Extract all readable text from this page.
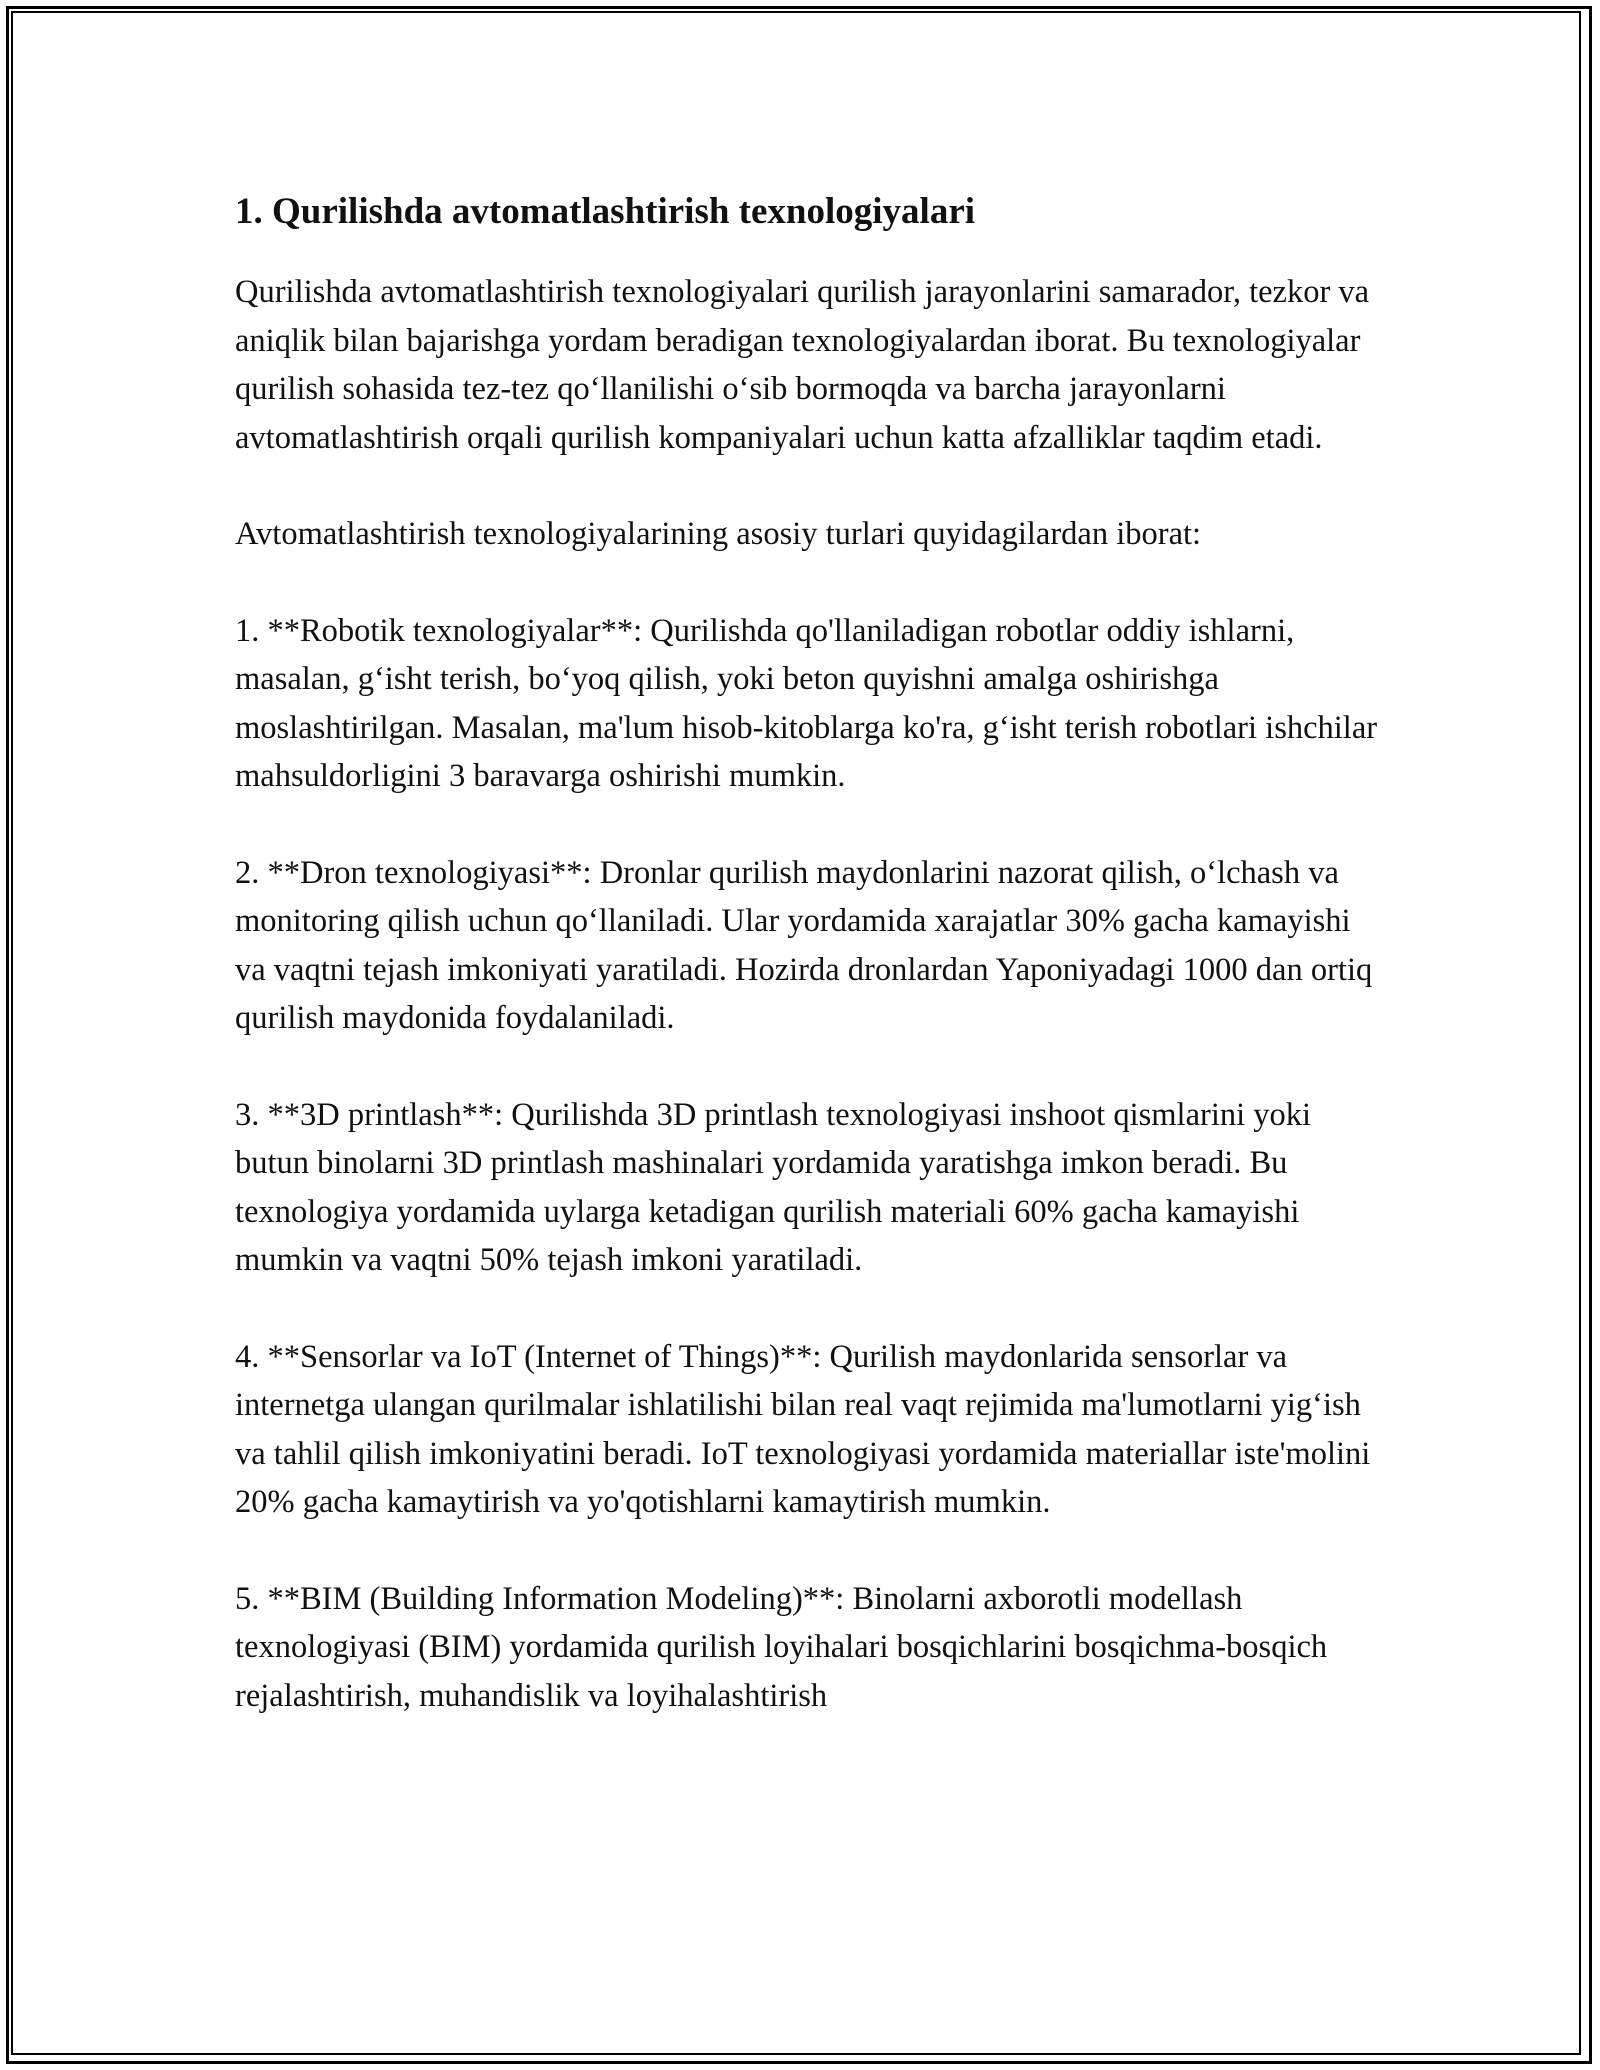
1. Qurilishda avtomatlashtirish texnologiyalari

Qurilishda avtomatlashtirish texnologiyalari qurilish jarayonlarini samarador, tezkor va aniqlik bilan bajarishga yordam beradigan texnologiyalardan iborat. Bu texnologiyalar qurilish sohasida tez-tez qo‘llanilishi o‘sib bormoqda va barcha jarayonlarni avtomatlashtirish orqali qurilish kompaniyalari uchun katta afzalliklar taqdim etadi.

Avtomatlashtirish texnologiyalarining asosiy turlari quyidagilardan iborat:

1. **Robotik texnologiyalar**: Qurilishda qo'llaniladigan robotlar oddiy ishlarni, masalan, g‘isht terish, bo‘yoq qilish, yoki beton quyishni amalga oshirishga moslashtirilgan. Masalan, ma'lum hisob-kitoblarga ko'ra, g‘isht terish robotlari ishchilar mahsuldorligini 3 baravarga oshirishi mumkin.

2. **Dron texnologiyasi**: Dronlar qurilish maydonlarini nazorat qilish, o‘lchash va monitoring qilish uchun qo‘llaniladi. Ular yordamida xarajatlar 30% gacha kamayishi va vaqtni tejash imkoniyati yaratiladi. Hozirda dronlardan Yaponiyadagi 1000 dan ortiq qurilish maydonida foydalaniladi.

3. **3D printlash**: Qurilishda 3D printlash texnologiyasi inshoot qismlarini yoki butun binolarni 3D printlash mashinalari yordamida yaratishga imkon beradi. Bu texnologiya yordamida uylarga ketadigan qurilish materiali 60% gacha kamayishi mumkin va vaqtni 50% tejash imkoni yaratiladi.

4. **Sensorlar va IoT (Internet of Things)**: Qurilish maydonlarida sensorlar va internetga ulangan qurilmalar ishlatilishi bilan real vaqt rejimida ma'lumotlarni yig‘ish va tahlil qilish imkoniyatini beradi. IoT texnologiyasi yordamida materiallar iste'molini 20% gacha kamaytirish va yo'qotishlarni kamaytirish mumkin.

5. **BIM (Building Information Modeling)**: Binolarni axborotli modellash texnologiyasi (BIM) yordamida qurilish loyihalari bosqichlarini bosqichma-bosqich rejalashtirish, muhandislik va loyihalashtirish
